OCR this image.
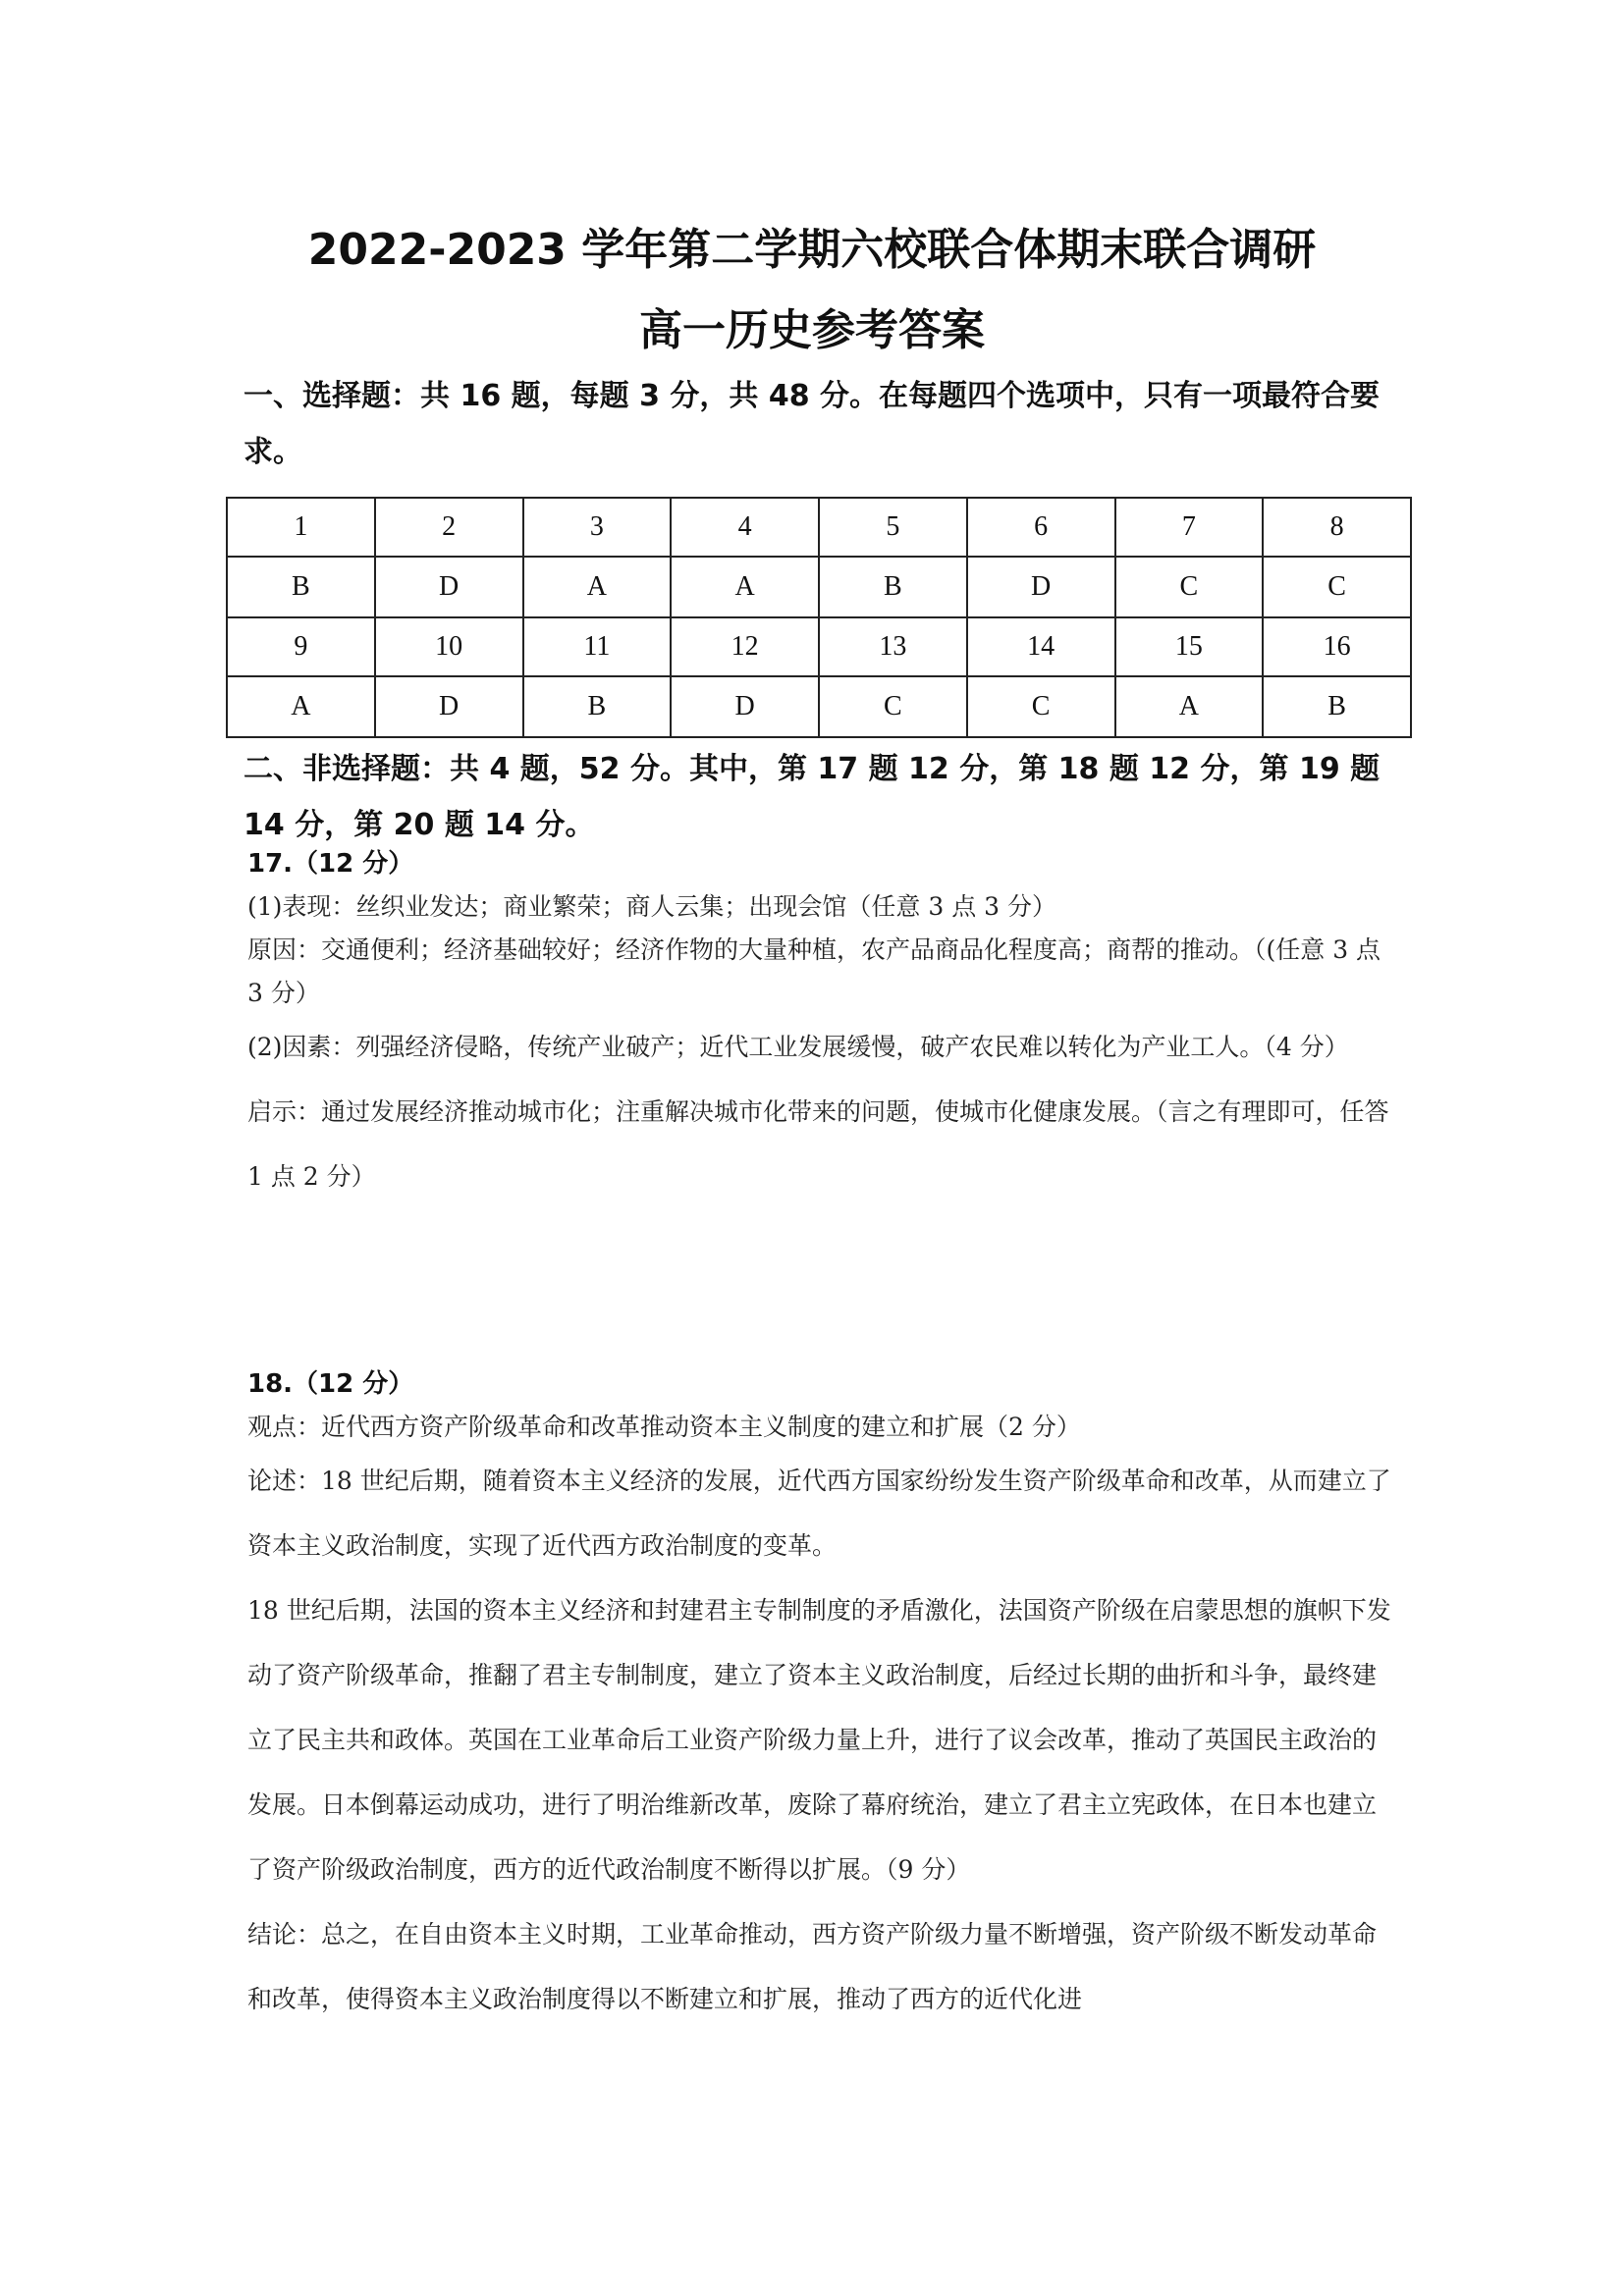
2022-2023 学年第二学期六校联合体期末联合调研
高一历史参考答案
一、选择题：共 16 题，每题 3 分，共 48 分。在每题四个选项中，只有一项最符合要求。
1	2	3	4	5	6	7	8
B	D	A	A	B	D	C	C
9	10	11	12	13	14	15	16
A	D	B	D	C	C	A	B
二、非选择题：共 4 题，52 分。其中，第 17 题 12 分，第 18 题 12 分，第 19 题 14 分，第 20 题 14 分。

17.（12 分）

(1)表现：丝织业发达；商业繁荣；商人云集；出现会馆（任意 3 点 3 分）

原因：交通便利；经济基础较好；经济作物的大量种植，农产品商品化程度高；商帮的推动。（(任意 3 点 3 分）

(2)因素：列强经济侵略，传统产业破产；近代工业发展缓慢，破产农民难以转化为产业工人。（4 分）

启示：通过发展经济推动城市化；注重解决城市化带来的问题，使城市化健康发展。（言之有理即可，任答 1 点 2 分）

18.（12 分）

观点：近代西方资产阶级革命和改革推动资本主义制度的建立和扩展（2 分）

论述：18 世纪后期，随着资本主义经济的发展，近代西方国家纷纷发生资产阶级革命和改革，从而建立了资本主义政治制度，实现了近代西方政治制度的变革。

18 世纪后期，法国的资本主义经济和封建君主专制制度的矛盾激化，法国资产阶级在启蒙思想的旗帜下发动了资产阶级革命，推翻了君主专制制度，建立了资本主义政治制度，后经过长期的曲折和斗争，最终建立了民主共和政体。英国在工业革命后工业资产阶级力量上升，进行了议会改革，推动了英国民主政治的发展。日本倒幕运动成功，进行了明治维新改革，废除了幕府统治，建立了君主立宪政体，在日本也建立了资产阶级政治制度，西方的近代政治制度不断得以扩展。（9 分）

结论：总之，在自由资本主义时期，工业革命推动，西方资产阶级力量不断增强，资产阶级不断发动革命和改革，使得资本主义政治制度得以不断建立和扩展，推动了西方的近代化进
